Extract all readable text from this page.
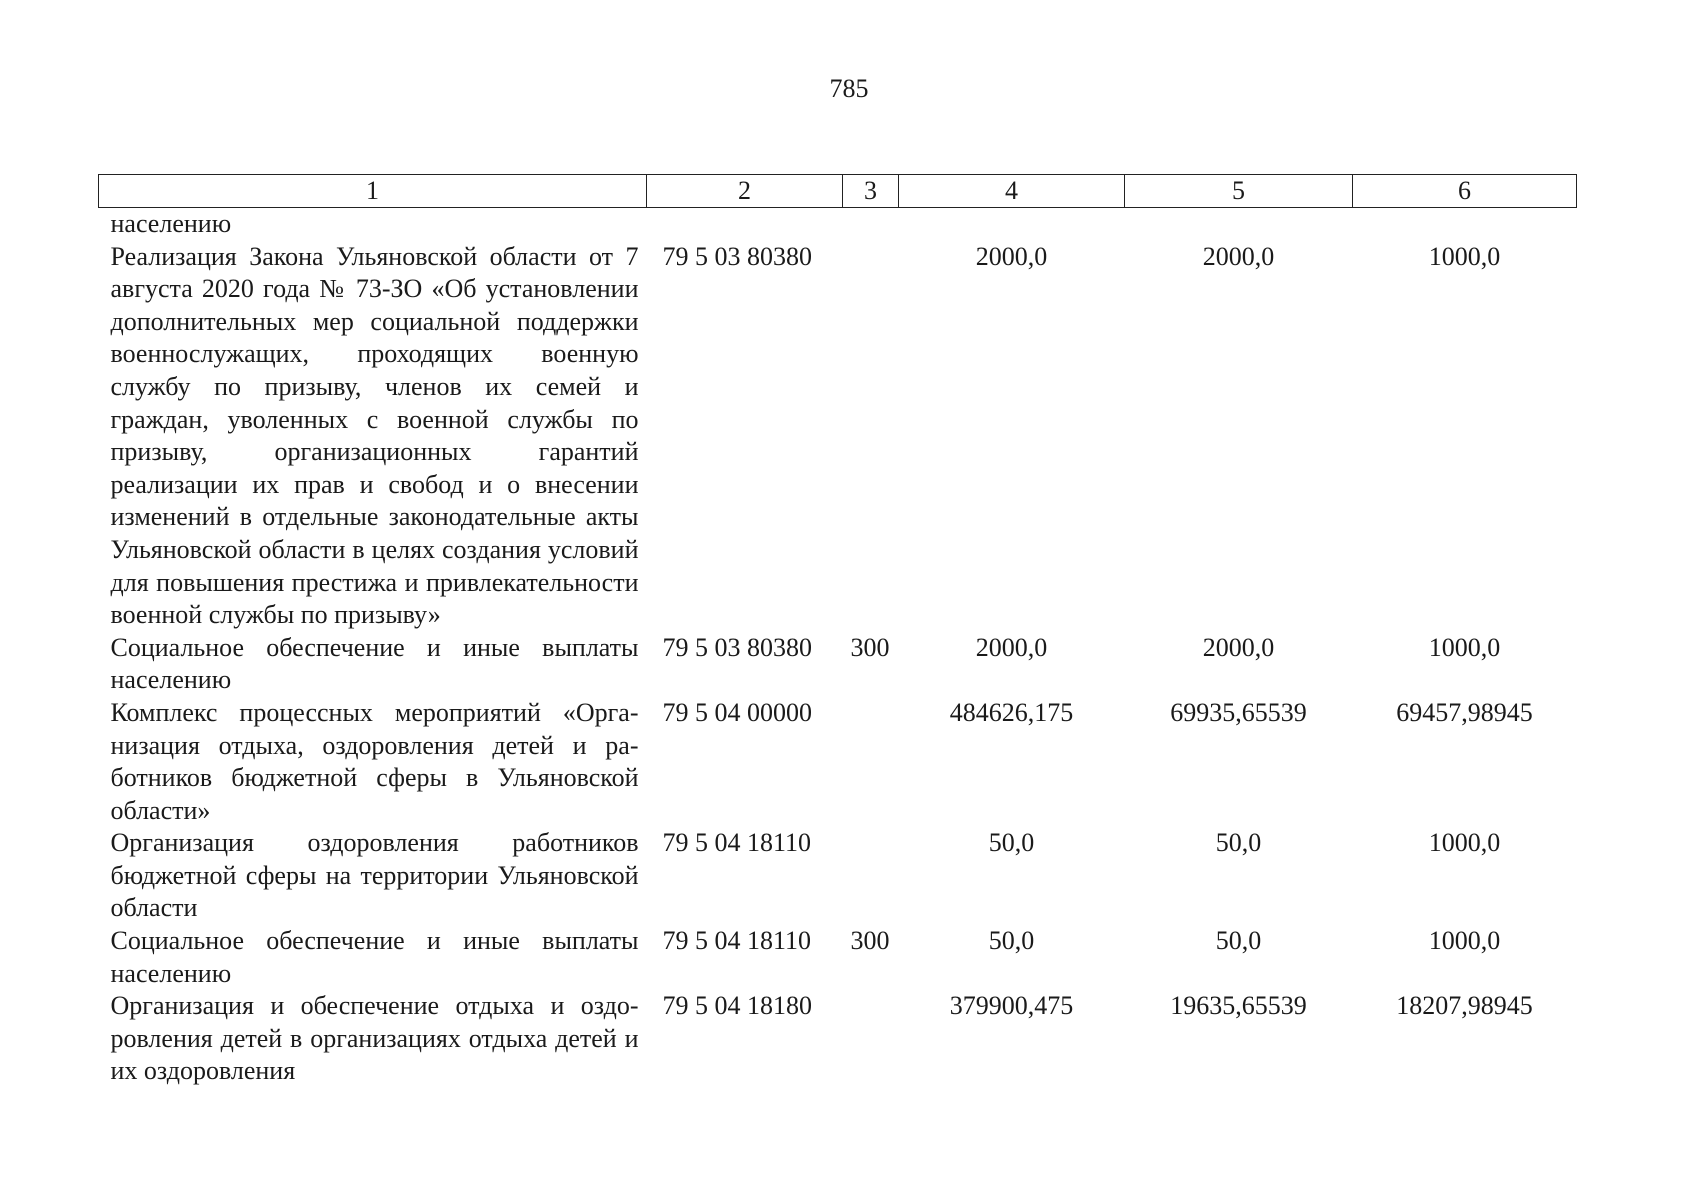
785
1	2	3	4	5	6
населению					
Реализация Закона Ульяновской области от 7 августа 2020 года № 73-ЗО «Об установлении дополнительных мер социальной поддержки военнослужащих, проходящих военную службу по призыву, членов их семей и граждан, уволенных с военной службы по призыву, организационных гарантий реализации их прав и свобод и о внесении изменений в отдельные законодательные акты Ульяновской области в целях создания условий для повышения престижа и привлекательности военной службы по призыву»	79 5 03 80380		2000,0	2000,0	1000,0
Социальное обеспечение и иные выплаты населению	79 5 03 80380	300	2000,0	2000,0	1000,0
Комплекс процессных мероприятий «Организация отдыха, оздоровления детей и работников бюджетной сферы в Ульяновской области»	79 5 04 00000		484626,175	69935,65539	69457,98945
Организация оздоровления работников бюджетной сферы на территории Ульяновской области	79 5 04 18110		50,0	50,0	1000,0
Социальное обеспечение и иные выплаты населению	79 5 04 18110	300	50,0	50,0	1000,0
Организация и обеспечение отдыха и оздоровления детей в организациях отдыха детей и их оздоровления	79 5 04 18180		379900,475	19635,65539	18207,98945
